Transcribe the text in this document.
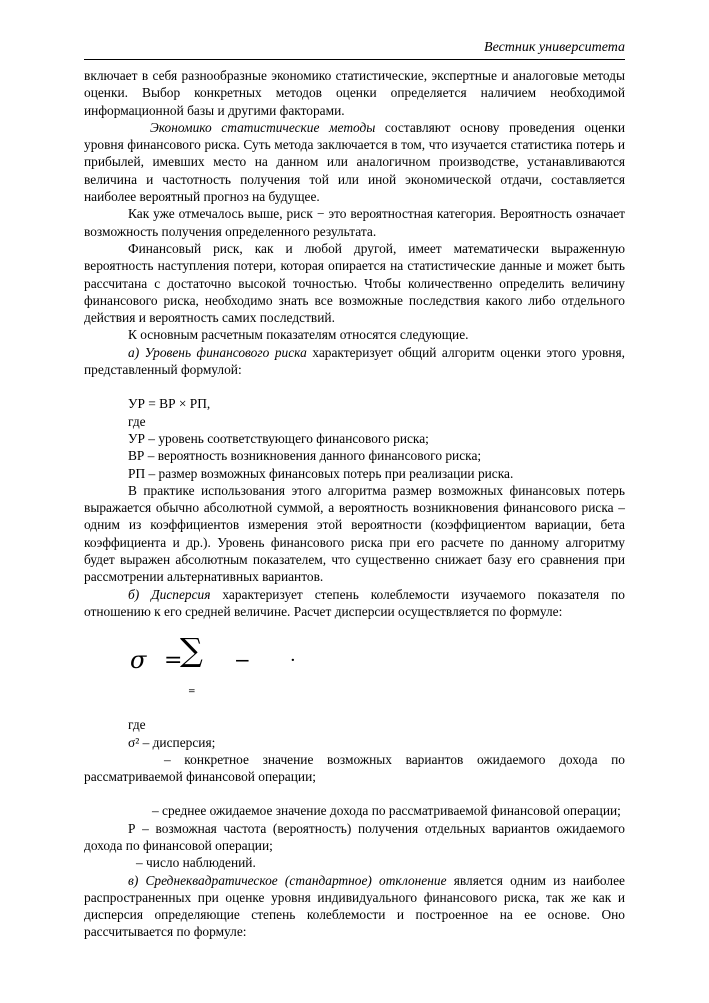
Вестник университета

включает в себя разнообразные экономико статистические, экспертные и аналоговые методы оценки. Выбор конкретных методов оценки определяется наличием необходимой информационной базы и другими факторами.

Экономико статистические методы составляют основу проведения оценки уровня финансового риска. Суть метода заключается в том, что изучается статистика потерь и прибылей, имевших место на данном или аналогичном производстве, устанавливаются величина и частотность получения той или иной экономической отдачи, составляется наиболее вероятный прогноз на будущее.

Как уже отмечалось выше, риск − это вероятностная категория. Вероятность означает возможность получения определенного результата.

Финансовый риск, как и любой другой, имеет математически выраженную вероятность наступления потери, которая опирается на статистические данные и может быть рассчитана с достаточно высокой точностью. Чтобы количественно определить величину финансового риска, необходимо знать все возможные последствия какого либо отдельного действия и вероятность самих последствий.

К основным расчетным показателям относятся следующие.

а) Уровень финансового риска характеризует общий алгоритм оценки этого уровня, представленный формулой:

УР = ВР × РП,

где

УР – уровень соответствующего финансового риска;

ВР – вероятность возникновения данного финансового риска;

РП – размер возможных финансовых потерь при реализации риска.

В практике использования этого алгоритма размер возможных финансовых потерь выражается обычно абсолютной суммой, а вероятность возникновения финансового риска – одним из коэффициентов измерения этой вероятности (коэффициентом вариации, бета коэффициента и др.). Уровень финансового риска при его расчете по данному алгоритму будет выражен абсолютным показателем, что существенно снижает базу его сравнения при рассмотрении альтернативных вариантов.

б) Дисперсия характеризует степень колеблемости изучаемого показателя по отношению к его средней величине. Расчет дисперсии осуществляется по формуле:

σ =
∑
=
− ·

где

σ² – дисперсия;

– конкретное значение возможных вариантов ожидаемого дохода по рассматриваемой финансовой операции;

– среднее ожидаемое значение дохода по рассматриваемой финансовой операции;

Р – возможная частота (вероятность) получения отдельных вариантов ожидаемого дохода по финансовой операции;

– число наблюдений.

в) Среднеквадратическое (стандартное) отклонение является одним из наиболее распространенных при оценке уровня индивидуального финансового риска, так же как и дисперсия определяющие степень колеблемости и построенное на ее основе. Оно рассчитывается по формуле:
